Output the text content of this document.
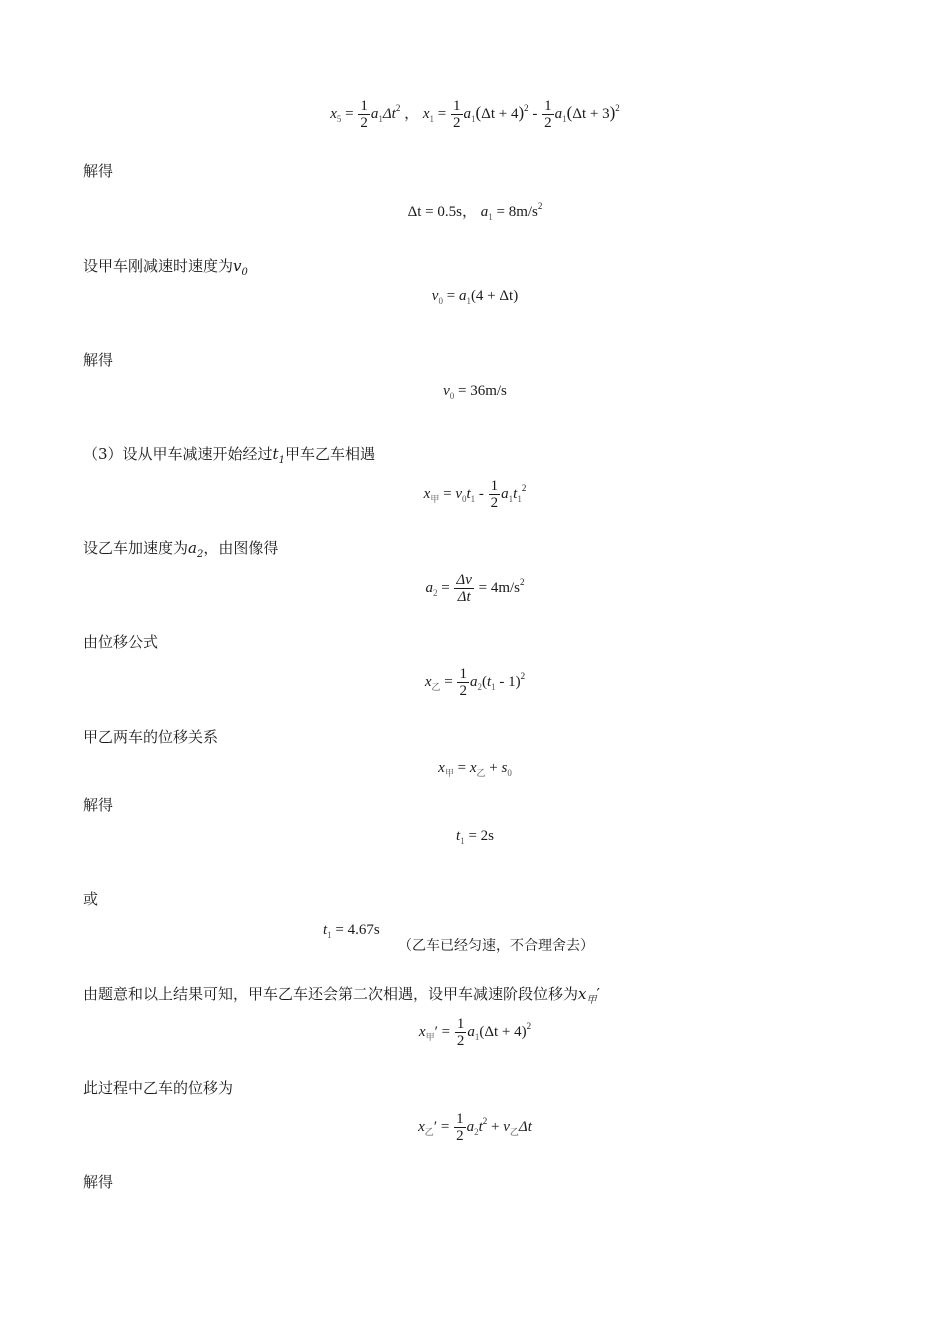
$x_5 = \frac{1}{2} a_1\Delta t^2$ ， $x_1 = \frac{1}{2} a_1(\Delta t + 4)^2 - \frac{1}{2} a_1(\Delta t + 3)^2$
解得
Δt = 0.5s， $a_1 = 8m/s^2$
设甲车刚减速时速度为$v_0$
$v_0 = a_1(4 + \Delta t)$
解得
$v_0 = 36m/s$
（3）设从甲车减速开始经过$t_1$甲车乙车相遇
$x_甲 = v_0t_1 - \frac{1}{2} a_1t_1^2$
设乙车加速度为$a_2$，由图像得
$a_2 = \frac{\Delta v}{\Delta t} = 4m/s^2$
由位移公式
$x_乙 = \frac{1}{2} a_2(t_1 - 1)^2$
甲乙两车的位移关系
$x_甲 = x_乙 + s_0$
解得
$t_1 = 2s$
或
$t_1 = 4.67s$
（乙车已经匀速，不合理舍去）
由题意和以上结果可知，甲车乙车还会第二次相遇，设甲车减速阶段位移为$x_甲'$
$x_甲' = \frac{1}{2} a_1(\Delta t + 4)^2$
此过程中乙车的位移为
$x_乙' = \frac{1}{2} a_2t^2 + v_乙\Delta t$
解得
